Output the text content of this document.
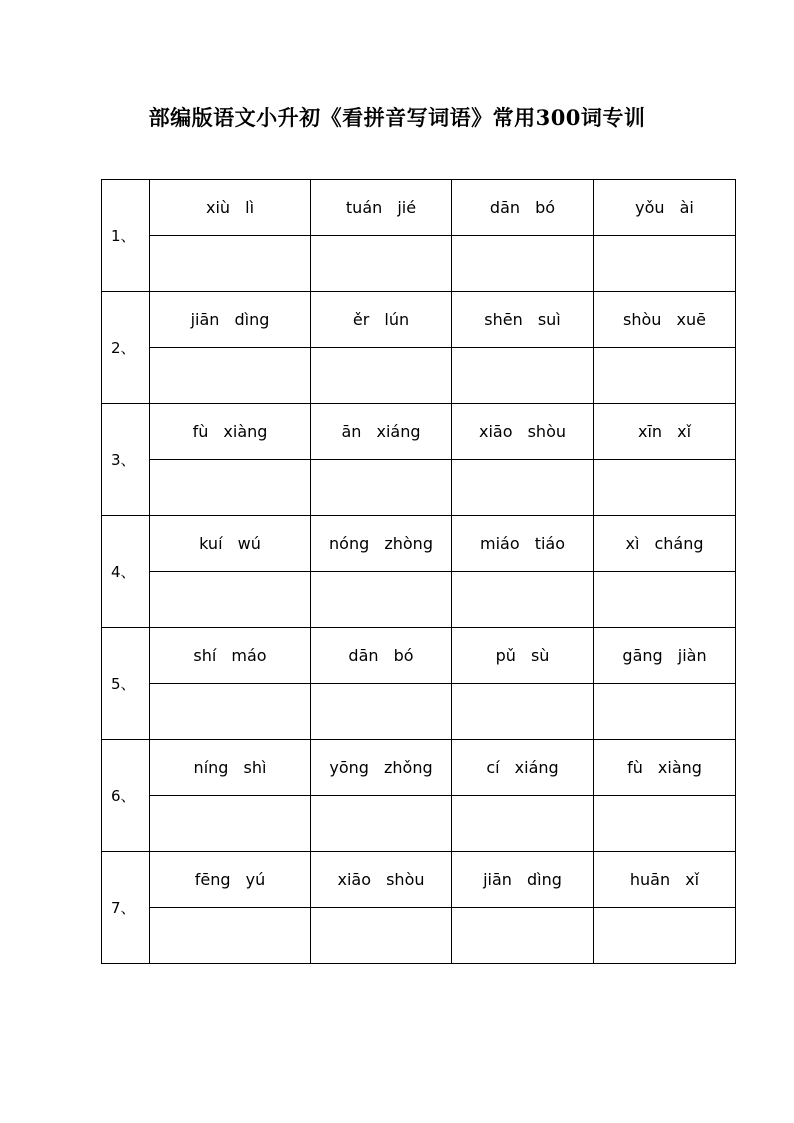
部编版语文小升初《看拼音写词语》常用300词专训
1、	xiù lì	tuán jié	dān bó	yǒu ài

2、	jiān dìng	ěr lún	shēn suì	shòu xuē

3、	fù xiàng	ān xiáng	xiāo shòu	xīn xǐ

4、	kuí wú	nóng zhòng	miáo tiáo	xì cháng

5、	shí máo	dān bó	pǔ sù	gāng jiàn

6、	níng shì	yōng zhǒng	cí xiáng	fù xiàng

7、	fēng yú	xiāo shòu	jiān dìng	huān xǐ
